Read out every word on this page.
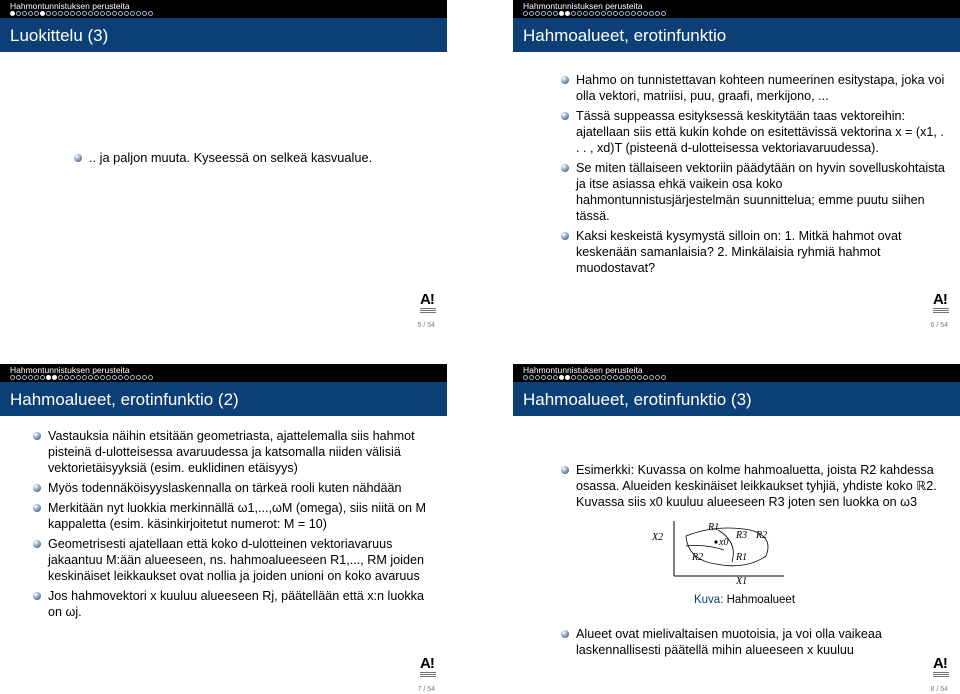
Hahmontunnistuksen perusteita
Luokittelu (3)
.. ja paljon muuta. Kyseessä on selkeä kasvualue.
A!
5 / 54
Hahmontunnistuksen perusteita
Hahmoalueet, erotinfunktio
Hahmo on tunnistettavan kohteen numeerinen esitystapa, joka voi olla vektori, matriisi, puu, graafi, merkijono, ...
Tässä suppeassa esityksessä keskitytään taas vektoreihin: ajatellaan siis että kukin kohde on esitettävissä vektorina x = (x1, . . . , xd)T (pisteenä d-ulotteisessa vektoriavaruudessa).
Se miten tällaiseen vektoriin päädytään on hyvin sovelluskohtaista ja itse asiassa ehkä vaikein osa koko hahmontunnistusjärjestelmän suunnittelua; emme puutu siihen tässä.
Kaksi keskeistä kysymystä silloin on: 1. Mitkä hahmot ovat keskenään samanlaisia? 2. Minkälaisia ryhmiä hahmot muodostavat?
A!
6 / 54
Hahmontunnistuksen perusteita
Hahmoalueet, erotinfunktio (2)
Vastauksia näihin etsitään geometriasta, ajattelemalla siis hahmot pisteinä d-ulotteisessa avaruudessa ja katsomalla niiden välisiä vektorietäisyyksiä (esim. euklidinen etäisyys)
Myös todennäköisyyslaskennalla on tärkeä rooli kuten nähdään
Merkitään nyt luokkia merkinnällä ω1,...,ωM (omega), siis niitä on M kappaletta (esim. käsinkirjoitetut numerot: M = 10)
Geometrisesti ajatellaan että koko d-ulotteinen vektoriavaruus jakaantuu M:ään alueeseen, ns. hahmoalueeseen R1,..., RM joiden keskinäiset leikkaukset ovat nollia ja joiden unioni on koko avaruus
Jos hahmovektori x kuuluu alueeseen Rj, päätellään että x:n luokka on ωj.
A!
7 / 54
Hahmontunnistuksen perusteita
Hahmoalueet, erotinfunktio (3)
Esimerkki: Kuvassa on kolme hahmoaluetta, joista R2 kahdessa osassa. Alueiden keskinäiset leikkaukset tyhjiä, yhdiste koko ℝ2. Kuvassa siis x0 kuuluu alueeseen R3 joten sen luokka on ω3
X2
R1
R3 R2
x0
R2	R1
X1
Kuva: Hahmoalueet
Alueet ovat mielivaltaisen muotoisia, ja voi olla vaikeaa laskennallisesti päätellä mihin alueeseen x kuuluu
A!
8 / 54
